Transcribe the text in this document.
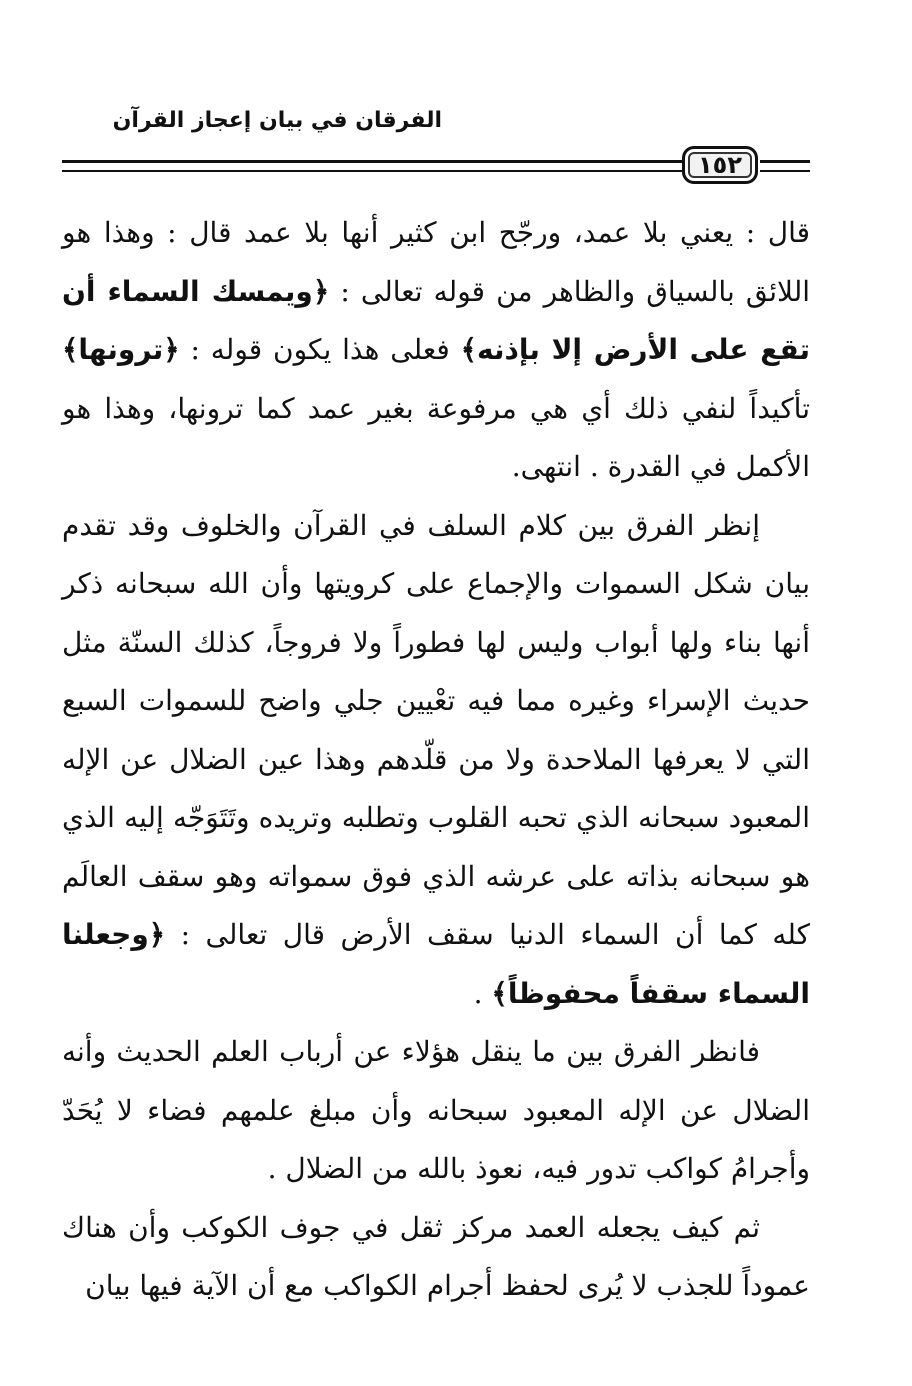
الفرقان في بيان إعجاز القرآن
١٥٢

قال : يعني بلا عمد، ورجّح ابن كثير أنها بلا عمد قال : وهذا هو اللائق بالسياق والظاهر من قوله تعالى : ﴿ويمسك السماء أن تقع على الأرض إلا بإذنه﴾ فعلى هذا يكون قوله : ﴿ترونها﴾ تأكيداً لنفي ذلك أي هي مرفوعة بغير عمد كما ترونها، وهذا هو الأكمل في القدرة . انتهى.

إنظر الفرق بين كلام السلف في القرآن والخلوف وقد تقدم بيان شكل السموات والإجماع على كرويتها وأن الله سبحانه ذكر أنها بناء ولها أبواب وليس لها فطوراً ولا فروجاً، كذلك السنّة مثل حديث الإسراء وغيره مما فيه تعْيين جلي واضح للسموات السبع التي لا يعرفها الملاحدة ولا من قلّدهم وهذا عين الضلال عن الإله المعبود سبحانه الذي تحبه القلوب وتطلبه وتريده وتَتَوَجّه إليه الذي هو سبحانه بذاته على عرشه الذي فوق سمواته وهو سقف العالَم كله كما أن السماء الدنيا سقف الأرض قال تعالى : ﴿وجعلنا السماء سقفاً محفوظاً﴾ .

فانظر الفرق بين ما ينقل هؤلاء عن أرباب العلم الحديث وأنه الضلال عن الإله المعبود سبحانه وأن مبلغ علمهم فضاء لا يُحَدّ وأجرامُ كواكب تدور فيه، نعوذ بالله من الضلال .

ثم كيف يجعله العمد مركز ثقل في جوف الكوكب وأن هناك عموداً للجذب لا يُرى لحفظ أجرام الكواكب مع أن الآية فيها بيان
